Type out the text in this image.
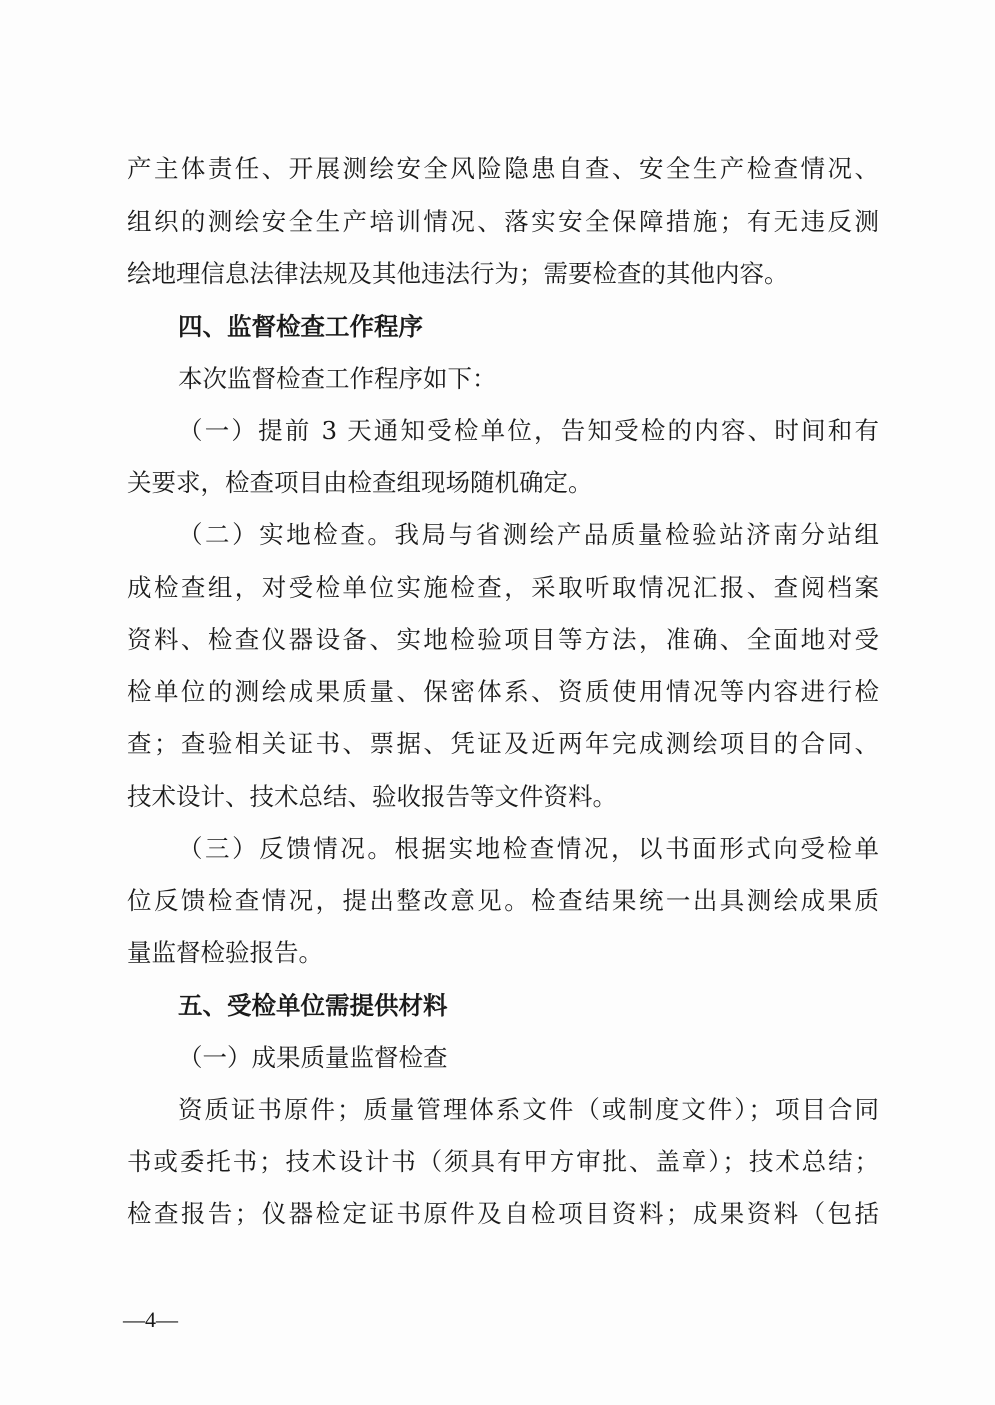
产主体责任、开展测绘安全风险隐患自查、安全生产检查情况、
组织的测绘安全生产培训情况、落实安全保障措施；有无违反测
绘地理信息法律法规及其他违法行为；需要检查的其他内容。
四、监督检查工作程序
本次监督检查工作程序如下：
（一）提前 3 天通知受检单位，告知受检的内容、时间和有
关要求，检查项目由检查组现场随机确定。
（二）实地检查。我局与省测绘产品质量检验站济南分站组
成检查组，对受检单位实施检查，采取听取情况汇报、查阅档案
资料、检查仪器设备、实地检验项目等方法，准确、全面地对受
检单位的测绘成果质量、保密体系、资质使用情况等内容进行检
查；查验相关证书、票据、凭证及近两年完成测绘项目的合同、
技术设计、技术总结、验收报告等文件资料。
（三）反馈情况。根据实地检查情况，以书面形式向受检单
位反馈检查情况，提出整改意见。检查结果统一出具测绘成果质
量监督检验报告。
五、受检单位需提供材料
（一）成果质量监督检查
资质证书原件；质量管理体系文件（或制度文件）；项目合同
书或委托书；技术设计书（须具有甲方审批、盖章）；技术总结；
检查报告；仪器检定证书原件及自检项目资料；成果资料（包括
—4—
